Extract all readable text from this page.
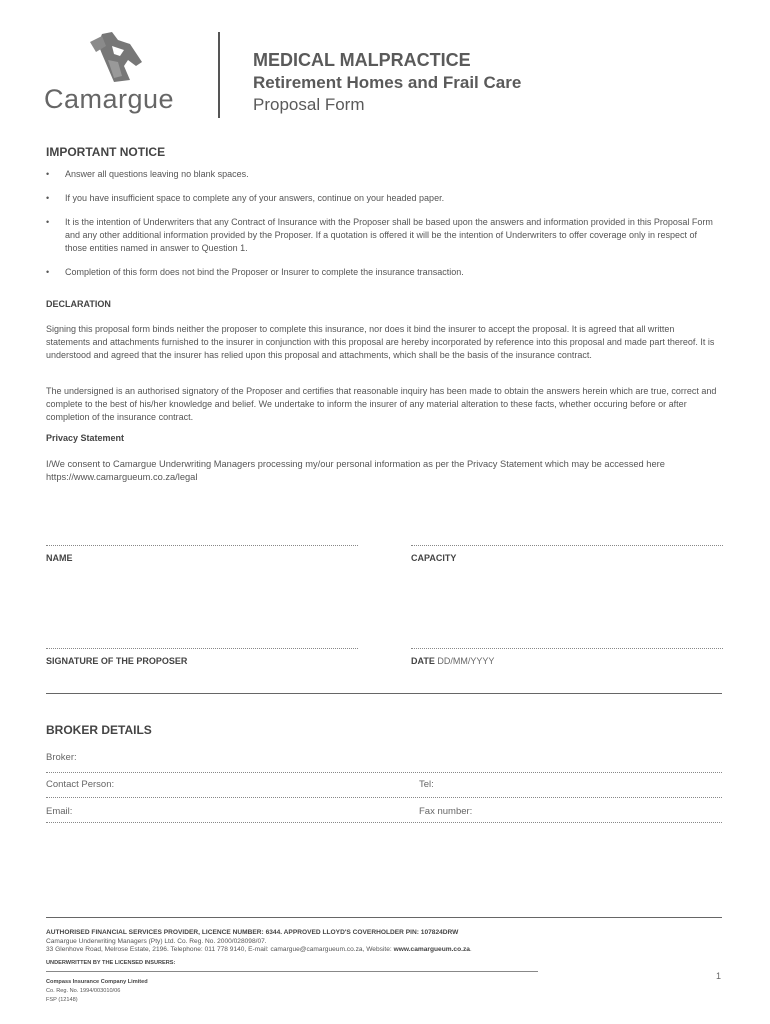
Camargue
MEDICAL MALPRACTICE
Retirement Homes and Frail Care
Proposal Form
IMPORTANT NOTICE
• Answer all questions leaving no blank spaces.
• If you have insufficient space to complete any of your answers, continue on your headed paper.
• It is the intention of Underwriters that any Contract of Insurance with the Proposer shall be based upon the answers and information provided in this Proposal Form and any other additional information provided by the Proposer. If a quotation is offered it will be the intention of Underwriters to offer coverage only in respect of those entities named in answer to Question 1.
• Completion of this form does not bind the Proposer or Insurer to complete the insurance transaction.
DECLARATION
Signing this proposal form binds neither the proposer to complete this insurance, nor does it bind the insurer to accept the proposal. It is agreed that all written statements and attachments furnished to the insurer in conjunction with this proposal are hereby incorporated by reference into this proposal and made part thereof. It is understood and agreed that the insurer has relied upon this proposal and attachments, which shall be the basis of the insurance contract.
The undersigned is an authorised signatory of the Proposer and certifies that reasonable inquiry has been made to obtain the answers herein which are true, correct and complete to the best of his/her knowledge and belief. We undertake to inform the insurer of any material alteration to these facts, whether occuring before or after completion of the insurance contract.
Privacy Statement
I/We consent to Camargue Underwriting Managers processing my/our personal information as per the Privacy Statement which may be accessed here https://www.camargueum.co.za/legal
NAME	CAPACITY
SIGNATURE OF THE PROPOSER	DATE DD/MM/YYYY
BROKER DETAILS
Broker:
Contact Person:	Tel:
Email:	Fax number:
AUTHORISED FINANCIAL SERVICES PROVIDER, LICENCE NUMBER: 6344. APPROVED LLOYD'S COVERHOLDER PIN: 107824DRW
Camargue Underwriting Managers (Pty) Ltd. Co. Reg. No. 2000/028098/07.
33 Glenhove Road, Melrose Estate, 2196. Telephone: 011 778 9140, E-mail: camargue@camargueum.co.za, Website: www.camargueum.co.za.
UNDERWRITTEN BY THE LICENSED INSURERS:
Compass Insurance Company Limited
Co. Reg. No. 1994/003010/06
FSP (12148)
1
